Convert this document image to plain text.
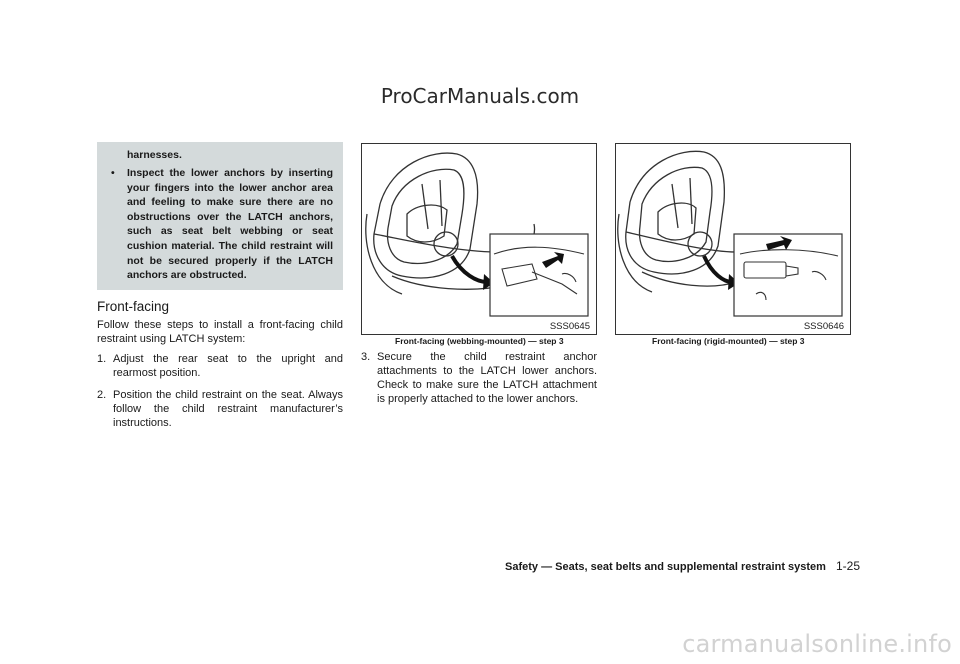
ProCarManuals.com
harnesses.
•	Inspect the lower anchors by inserting your fingers into the lower anchor area and feeling to make sure there are no obstructions over the LATCH anchors, such as seat belt webbing or seat cushion material. The child restraint will not be secured properly if the LATCH anchors are obstructed.
Front-facing
Follow these steps to install a front-facing child restraint using LATCH system:
1. Adjust the rear seat to the upright and rearmost position.
2. Position the child restraint on the seat. Always follow the child restraint manufacturer’s instructions.
SSS0645
Front-facing (webbing-mounted) — step 3
3. Secure the child restraint anchor attachments to the LATCH lower anchors. Check to make sure the LATCH attachment is properly attached to the lower anchors.
SSS0646
Front-facing (rigid-mounted) — step 3
Safety — Seats, seat belts and supplemental restraint system 1-25
carmanualsonline.info
